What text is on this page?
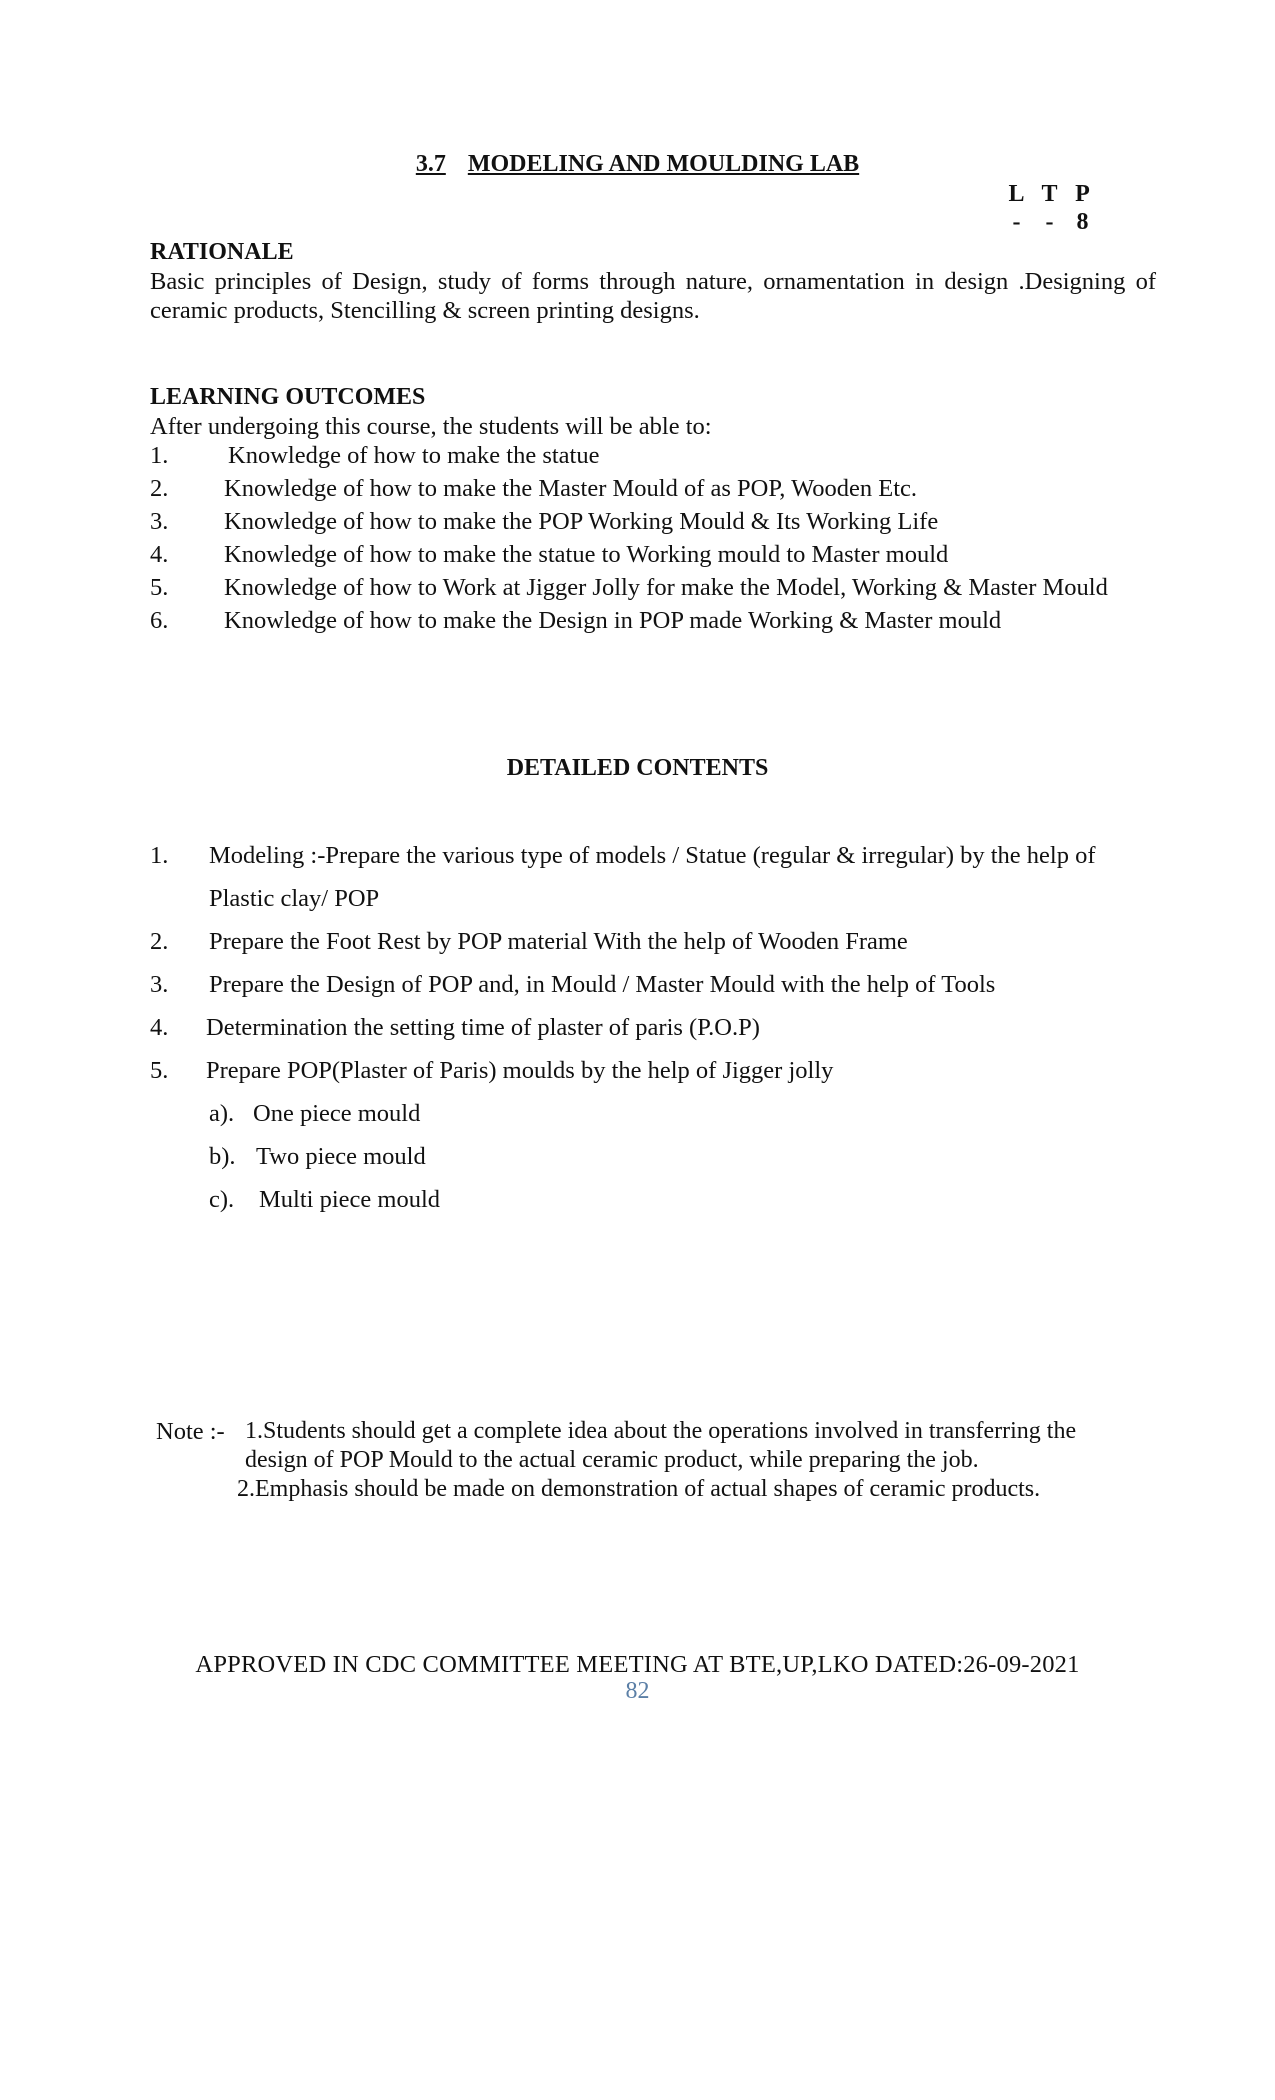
3.7 MODELING AND MOULDING LAB
L T P
-	- 8
RATIONALE
Basic principles of Design, study of forms through nature, ornamentation in design .Designing of ceramic products, Stencilling & screen printing designs.
LEARNING OUTCOMES
After undergoing this course, the students will be able to:
1. Knowledge of how to make the statue
2. Knowledge of how to make the Master Mould of as POP, Wooden Etc.
3. Knowledge of how to make the POP Working Mould & Its Working Life
4. Knowledge of how to make the statue to Working mould to Master mould
5. Knowledge of how to Work at Jigger Jolly for make the Model, Working & Master Mould
6. Knowledge of how to make the Design in POP made Working & Master mould
DETAILED CONTENTS
1. Modeling :-Prepare the various type of models / Statue (regular & irregular) by the help of
Plastic clay/ POP
2. Prepare the Foot Rest by POP material With the help of Wooden Frame
3. Prepare the Design of POP and, in Mould / Master Mould with the help of Tools
4. Determination the setting time of plaster of paris (P.O.P)
5. Prepare POP(Plaster of Paris) moulds by the help of Jigger jolly
a). One piece mould
b). Two piece mould
c). Multi piece mould
Note :- 1.Students should get a complete idea about the operations involved in transferring the
design of POP Mould to the actual ceramic product, while preparing the job.
2.Emphasis should be made on demonstration of actual shapes of ceramic products.
APPROVED IN CDC COMMITTEE MEETING AT BTE,UP,LKO DATED:26-09-2021
82
